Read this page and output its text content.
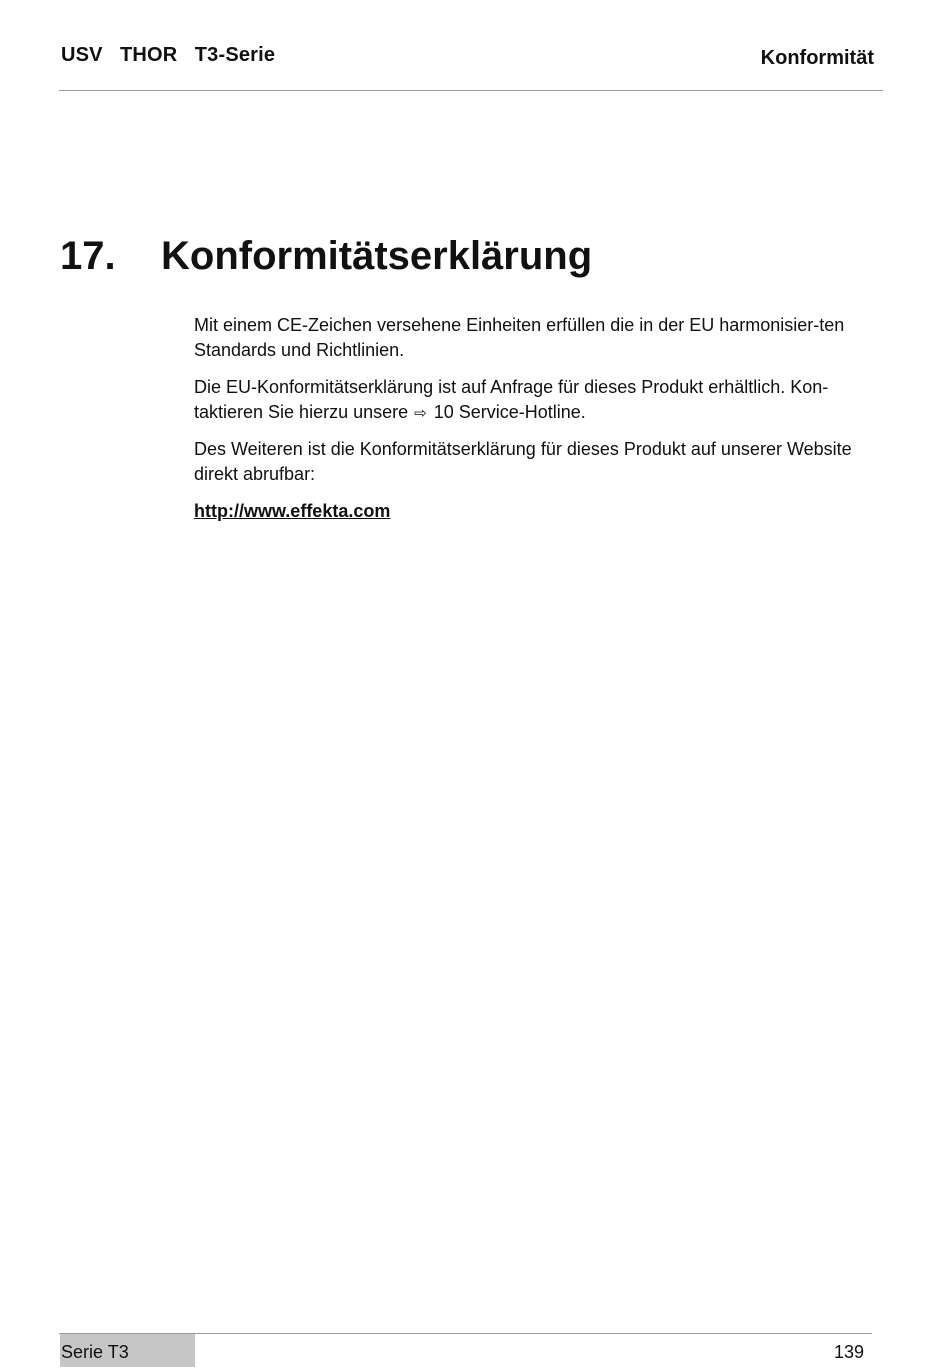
USV   THOR   T3-Serie	Konformität
17. Konformitätserklärung

Mit einem CE-Zeichen versehene Einheiten erfüllen die in der EU harmonisier-ten Standards und Richtlinien.

Die EU-Konformitätserklärung ist auf Anfrage für dieses Produkt erhältlich. Kon-taktieren Sie hierzu unsere ⇨ 10 Service-Hotline.

Des Weiteren ist die Konformitätserklärung für dieses Produkt auf unserer Website direkt abrufbar:

http://www.effekta.com

Serie T3	139
